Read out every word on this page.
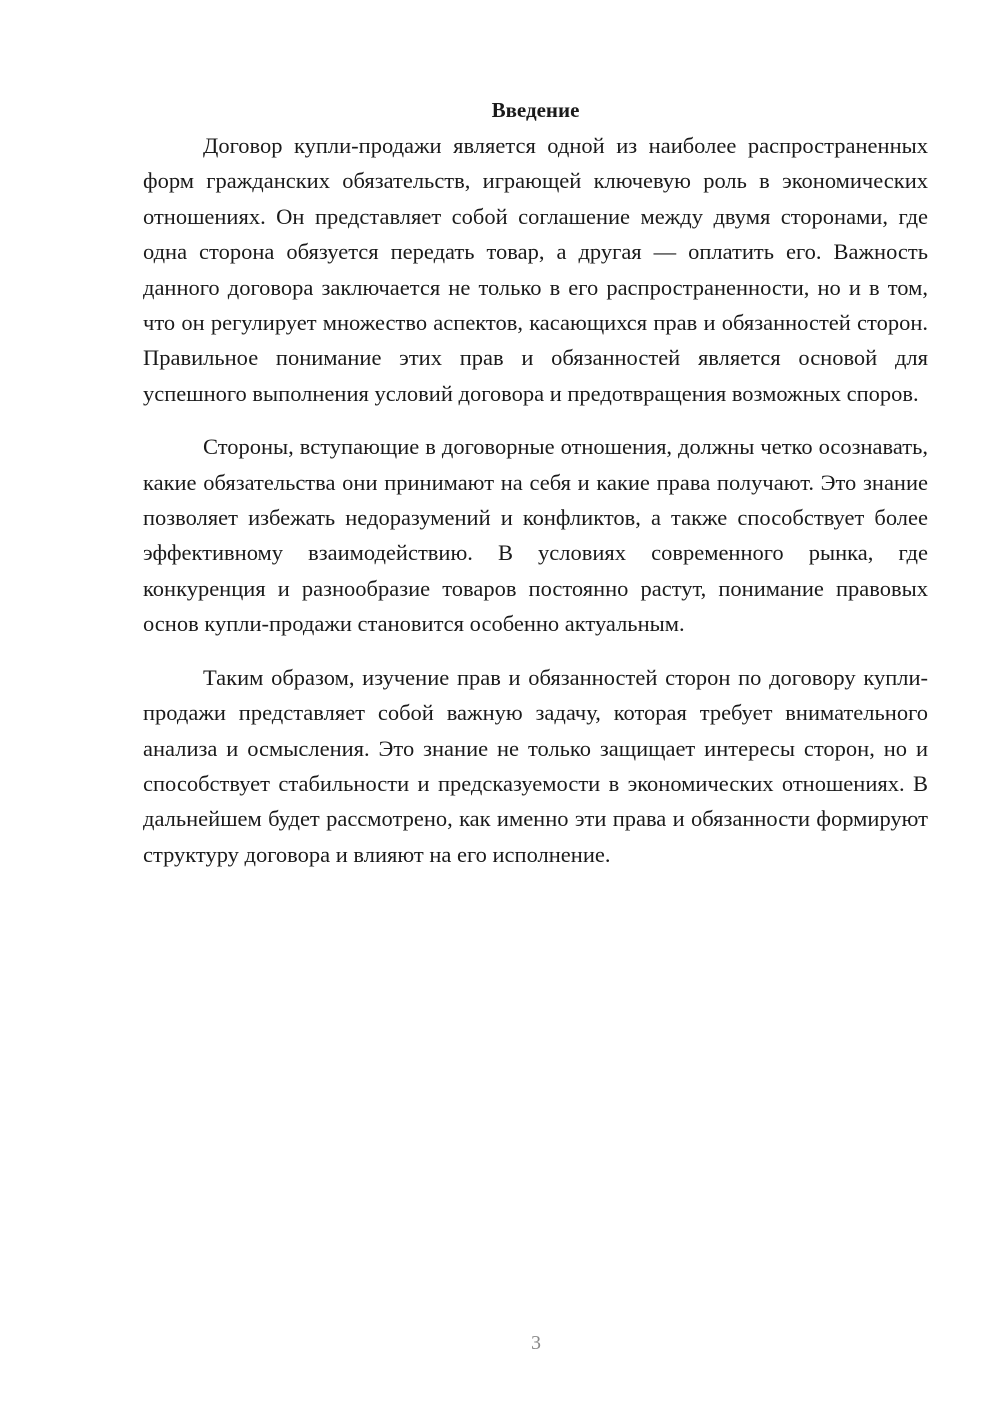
Введение

Договор купли-продажи является одной из наиболее распространенных форм гражданских обязательств, играющей ключевую роль в экономических отношениях. Он представляет собой соглашение между двумя сторонами, где одна сторона обязуется передать товар, а другая — оплатить его. Важность данного договора заключается не только в его распространенности, но и в том, что он регулирует множество аспектов, касающихся прав и обязанностей сторон. Правильное понимание этих прав и обязанностей является основой для успешного выполнения условий договора и предотвращения возможных споров.

Стороны, вступающие в договорные отношения, должны четко осознавать, какие обязательства они принимают на себя и какие права получают. Это знание позволяет избежать недоразумений и конфликтов, а также способствует более эффективному взаимодействию. В условиях современного рынка, где конкуренция и разнообразие товаров постоянно растут, понимание правовых основ купли-продажи становится особенно актуальным.

Таким образом, изучение прав и обязанностей сторон по договору купли-продажи представляет собой важную задачу, которая требует внимательного анализа и осмысления. Это знание не только защищает интересы сторон, но и способствует стабильности и предсказуемости в экономических отношениях. В дальнейшем будет рассмотрено, как именно эти права и обязанности формируют структуру договора и влияют на его исполнение.

3
